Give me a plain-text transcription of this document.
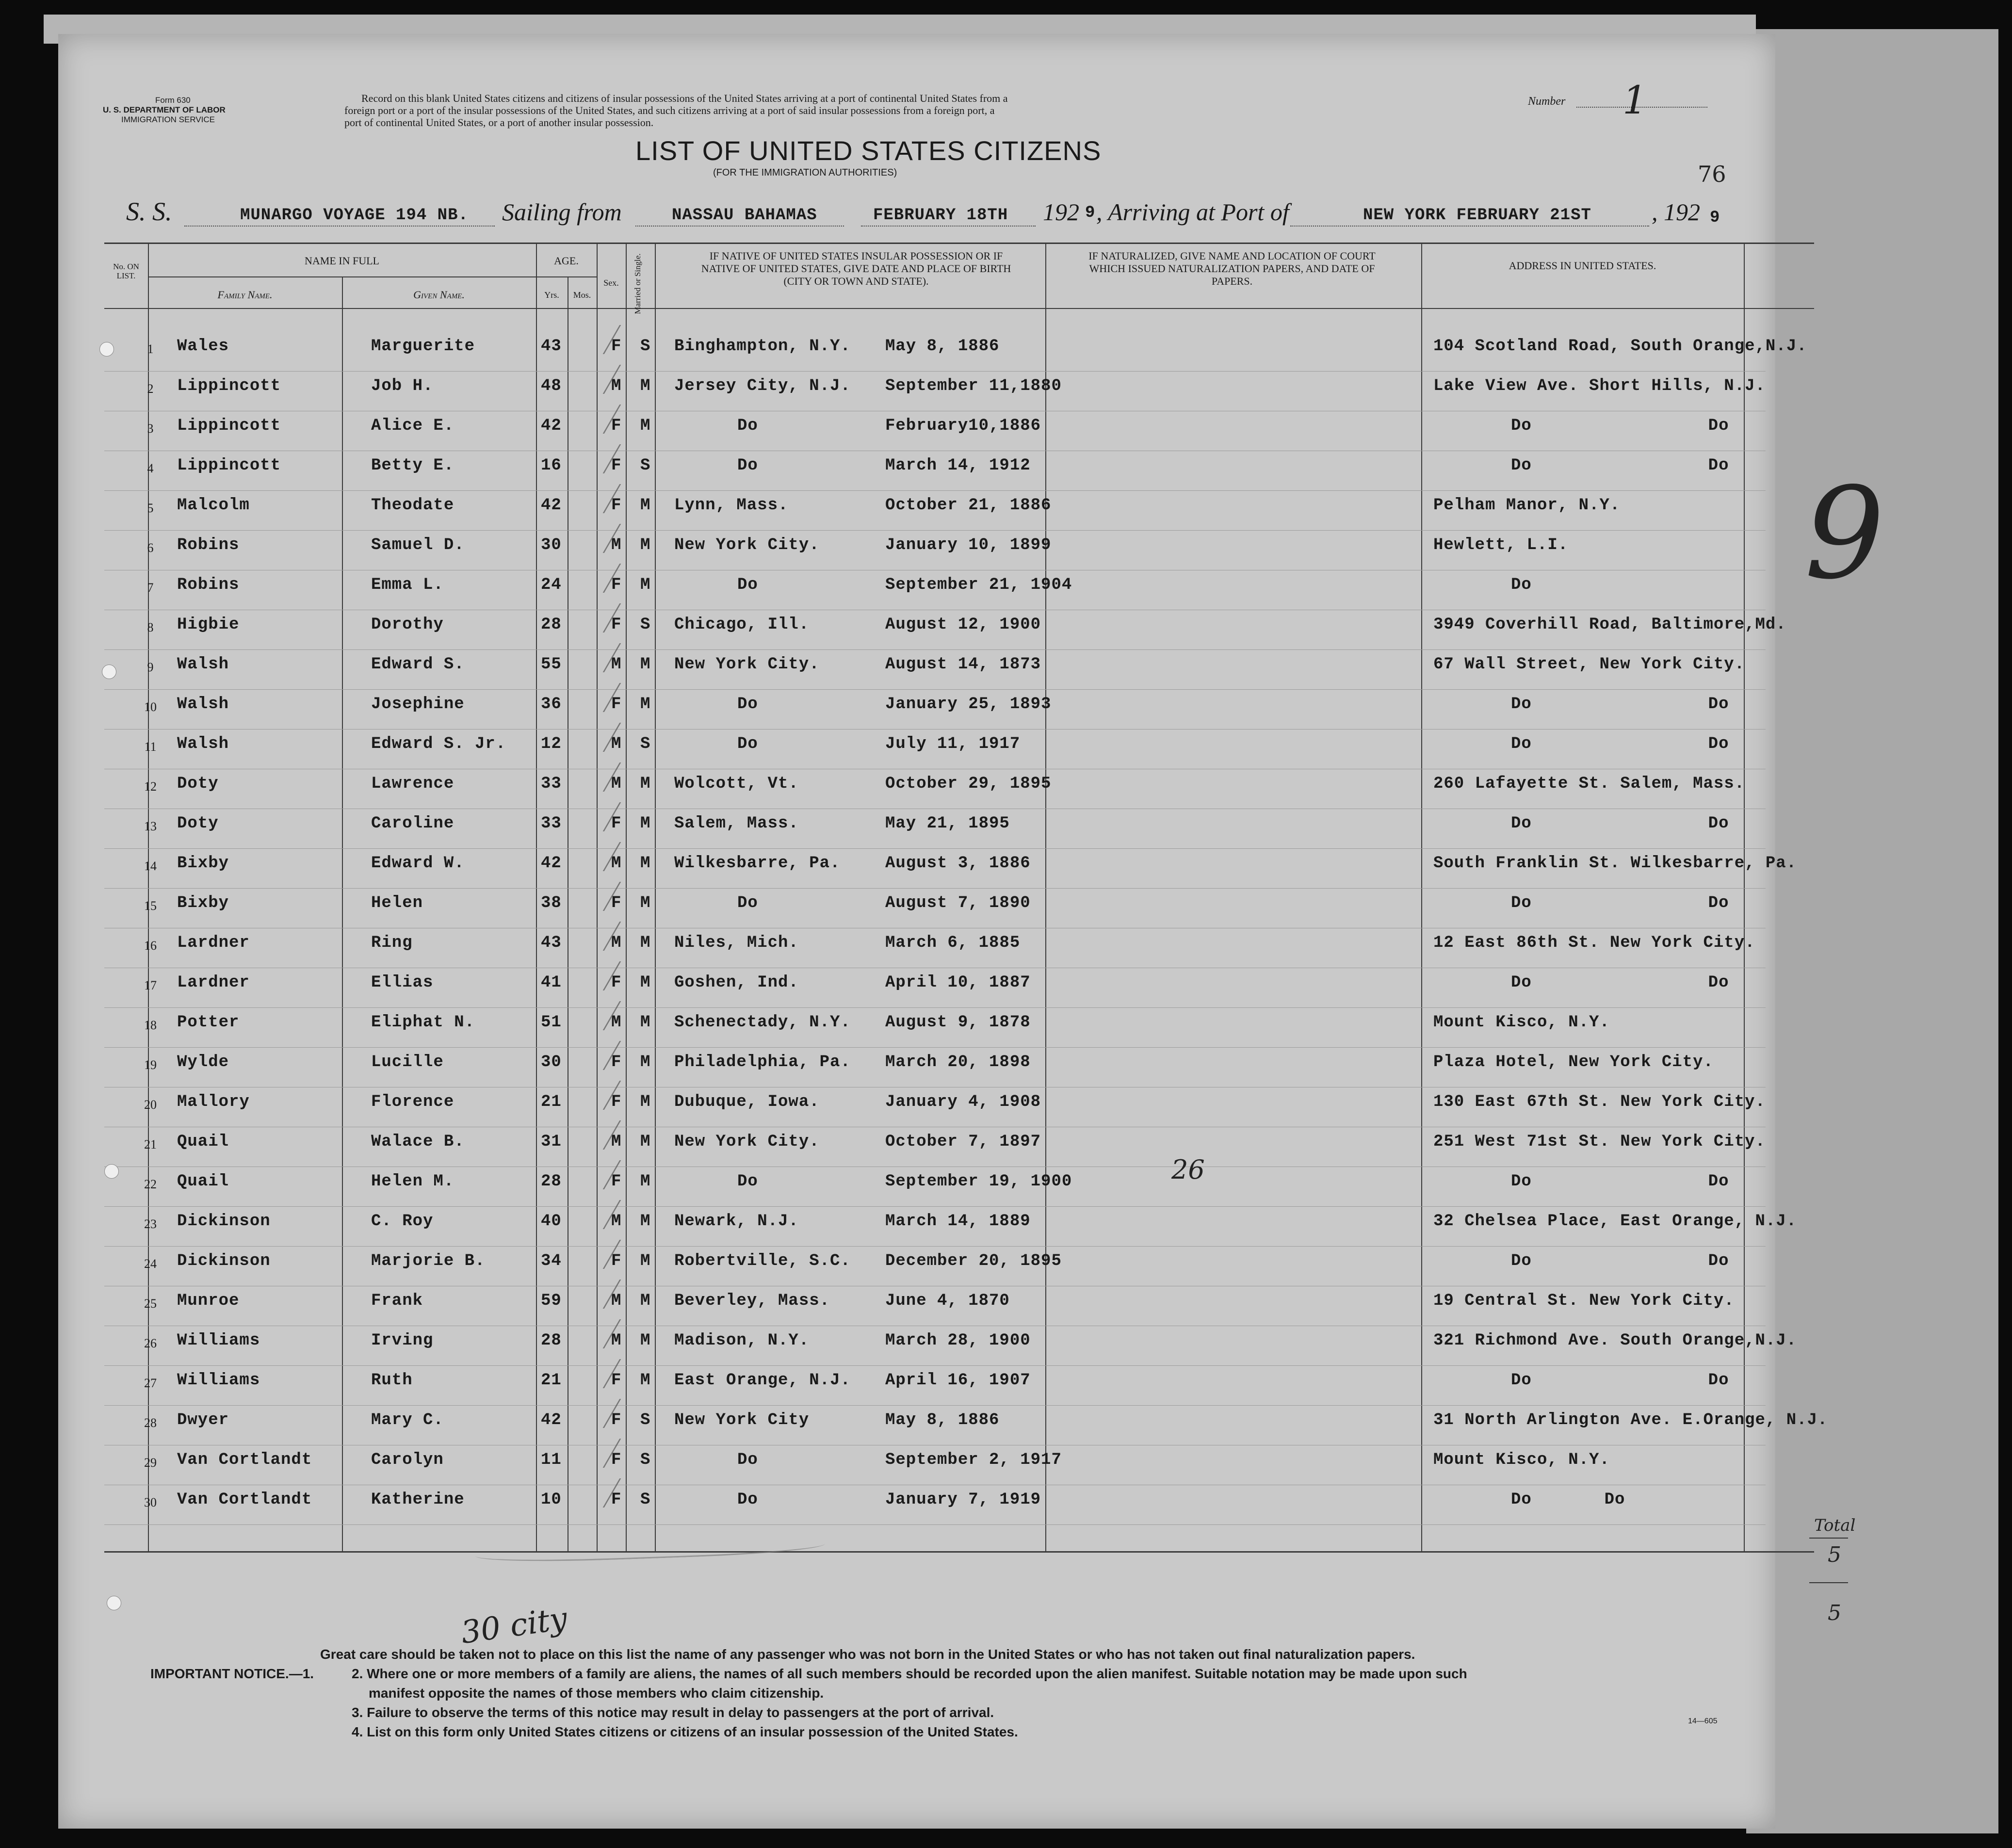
Form 630
U. S. DEPARTMENT OF LABOR
IMMIGRATION SERVICE
Record on this blank United States citizens and citizens of insular possessions of the United States arriving at a port of continental United States from a
foreign port or a port of the insular possessions of the United States, and such citizens arriving at a port of said insular possessions from a foreign port, a
port of continental United States, or a port of another insular possession.
Number 1
LIST OF UNITED STATES CITIZENS
(FOR THE IMMIGRATION AUTHORITIES)	76
S. S.	MUNARGO VOYAGE 194 NB. Sailing from	NASSAU BAHAMAS	FEBRUARY 18TH 192 9 , Arriving at Port of	NEW YORK FEBRUARY 21ST , 192 9
No. ON LIST.
NAME IN FULL
Family Name.	Given Name.
AGE.
Yrs.	Mos.
Sex.	Married or Single.	IF NATIVE OF UNITED STATES INSULAR POSSESSION OR IF NATIVE OF UNITED STATES, GIVE DATE AND PLACE OF BIRTH (CITY OR TOWN AND STATE).
IF NATURALIZED, GIVE NAME AND LOCATION OF COURT WHICH ISSUED NATURALIZATION PAPERS, AND DATE OF PAPERS.
ADDRESS IN UNITED STATES.
1	Wales	Marguerite	43	F S Binghampton, N.Y. May 8, 1886	104 Scotland Road, South Orange,N.J.
2	Lippincott	Job H.	48	M M Jersey City, N.J. September 11,1880	Lake View Ave. Short Hills, N.J.
3	Lippincott	Alice E.	42	F M	Do	February10,1886	Do                 Do
4	Lippincott	Betty E.	16	F S	Do	March 14, 1912	Do                 Do
5	Malcolm	Theodate	42	F M Lynn, Mass.	October 21, 1886	Pelham Manor, N.Y.
6	Robins	Samuel D.	30	M M New York City.	January 10, 1899	Hewlett, L.I.
7	Robins	Emma L.	24	F M	Do	September 21, 1904	Do
8	Higbie	Dorothy	28	F S Chicago, Ill.	August 12, 1900	3949 Coverhill Road, Baltimore,Md.
9	Walsh	Edward S.	55	M M New York City.	August 14, 1873	67 Wall Street, New York City.
10	Walsh	Josephine	36	F M	Do	January 25, 1893	Do                 Do
11	Walsh	Edward S. Jr. 12	M S	Do	July 11, 1917	Do                 Do
12	Doty	Lawrence	33	M M Wolcott, Vt.	October 29, 1895	260 Lafayette St. Salem, Mass.
13	Doty	Caroline	33	F M Salem, Mass.	May 21, 1895	Do                 Do
14	Bixby	Edward W.	42	M M Wilkesbarre, Pa.	August 3, 1886	South Franklin St. Wilkesbarre, Pa.
15	Bixby	Helen	38	F M	Do	August 7, 1890	Do                 Do
16	Lardner	Ring	43	M M Niles, Mich.	March 6, 1885	12 East 86th St. New York City.
17	Lardner	Ellias	41	F M Goshen, Ind.	April 10, 1887	Do                 Do
18	Potter	Eliphat N.	51	M M Schenectady, N.Y. August 9, 1878	Mount Kisco, N.Y.
19	Wylde	Lucille	30	F M Philadelphia, Pa. March 20, 1898	Plaza Hotel, New York City.
20	Mallory	Florence	21	F M Dubuque, Iowa.	January 4, 1908	130 East 67th St. New York City.
21	Quail	Walace B.	31	M M New York City.	October 7, 1897	251 West 71st St. New York City.
22	Quail	Helen M.	28	F M	Do	September 19, 1900	Do                 Do
23	Dickinson	C. Roy	40	M M Newark, N.J.	March 14, 1889	32 Chelsea Place, East Orange, N.J.
24	Dickinson	Marjorie B.	34	F M Robertville, S.C. December 20, 1895	Do                 Do
25	Munroe	Frank	59	M M Beverley, Mass.	June 4, 1870	19 Central St. New York City.
26	Williams	Irving	28	M M Madison, N.Y.	March 28, 1900	321 Richmond Ave. South Orange,N.J.
27	Williams	Ruth	21	F M East Orange, N.J. April 16, 1907	Do                 Do
28	Dwyer	Mary C.	42	F S New York City	May 8, 1886	31 North Arlington Ave. E.Orange, N.J.
29	Van Cortlandt	Carolyn	11	F S	Do	September 2, 1917	Mount Kisco, N.Y.
30	Van Cortlandt	Katherine	10	F S	Do	January 7, 1919	Do       Do
26
9
Total
5
5
30 city
IMPORTANT NOTICE.—1.
Great care should be taken not to place on this list the name of any passenger who was not born in the United States or who has not taken out final naturalization papers.
2. Where one or more members of a family are aliens, the names of all such members should be recorded upon the alien manifest. Suitable notation may be made upon such
manifest opposite the names of those members who claim citizenship.
3. Failure to observe the terms of this notice may result in delay to passengers at the port of arrival.
4. List on this form only United States citizens or citizens of an insular possession of the United States.
14—605
